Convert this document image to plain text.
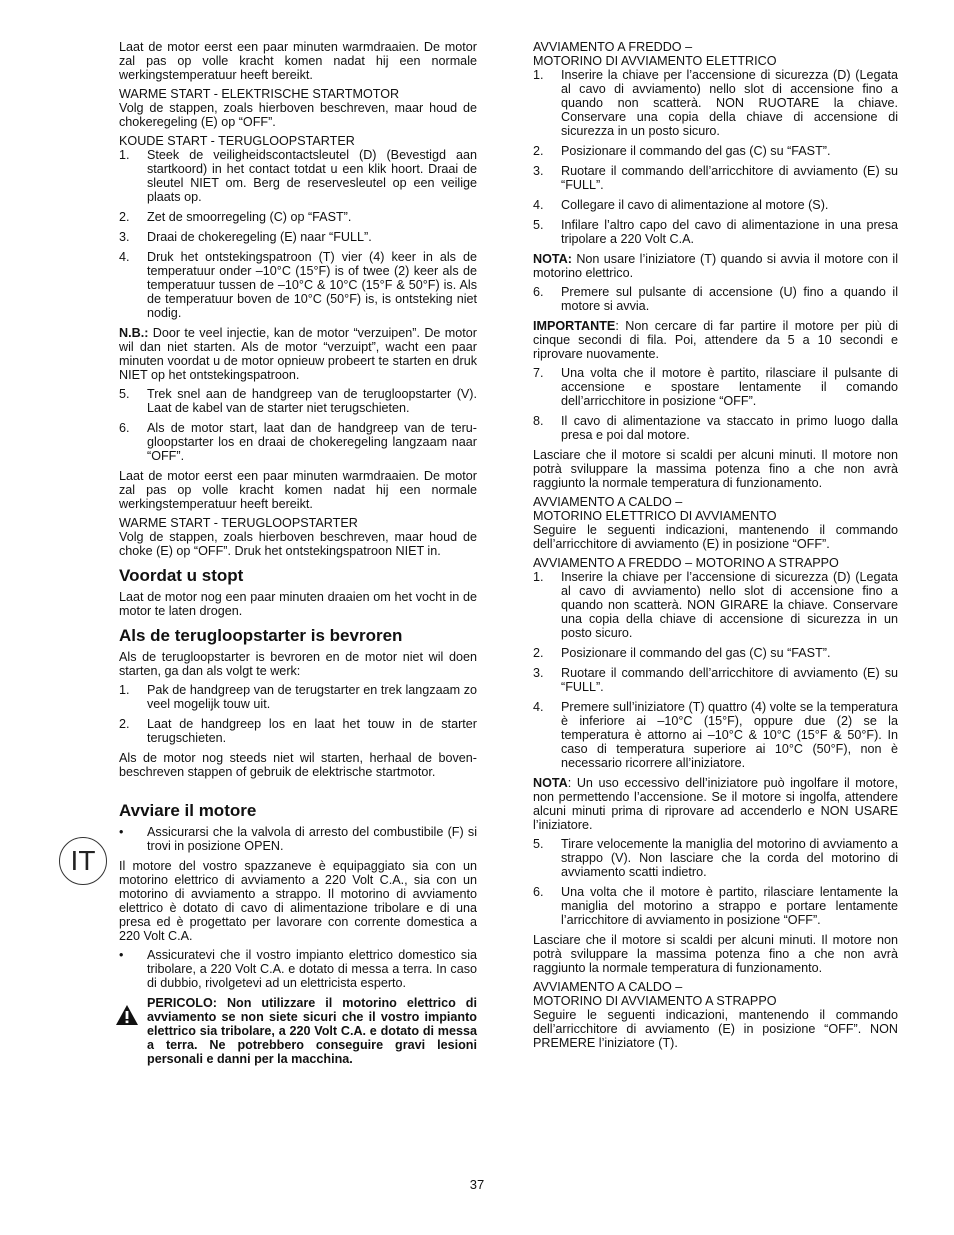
Laat de motor eerst een paar minuten warmdraaien. De motor zal pas op volle kracht komen nadat hij een normale werkingstemperatuur heeft bereikt.

WARME START - ELEKTRISCHE STARTMOTOR

Volg de stappen, zoals hierboven beschreven, maar houd de chokeregeling (E) op “OFF”.

KOUDE START - TERUGLOOPSTARTER

1. Steek de veiligheidscontactsleutel (D) (Bevestigd aan startkoord) in het contact totdat u een klik hoort. Draai de sleutel NIET om. Berg de reservesleutel op een veilige plaats op.
2. Zet de smoorregeling (C) op “FAST”.
3. Draai de chokeregeling (E) naar “FULL”.
4. Druk het ontstekingspatroon (T) vier (4) keer in als de temperatuur onder –10°C (15°F) is of twee (2) keer als de temperatuur tussen de –10°C & 10°C (15°F & 50°F) is. Als de temperatuur boven de 10°C (50°F) is, is ontsteking niet nodig.

N.B.: Door te veel injectie, kan de motor “verzuipen”. De motor wil dan niet starten. Als de motor “verzuipt”, wacht een paar minuten voordat u de motor opnieuw probeert te starten en druk NIET op het ontstekingspatroon.

5. Trek snel aan de handgreep van de terugloopstarter (V). Laat de kabel van de starter niet terugschieten.
6. Als de motor start, laat dan de handgreep van de terugloopstarter los en draai de chokeregeling langzaam naar “OFF”.

Laat de motor eerst een paar minuten warmdraaien. De motor zal pas op volle kracht komen nadat hij een normale werkingstemperatuur heeft bereikt.

WARME START - TERUGLOOPSTARTER

Volg de stappen, zoals hierboven beschreven, maar houd de choke (E) op “OFF”. Druk het ontstekingspatroon NIET in.

Voordat u stopt

Laat de motor nog een paar minuten draaien om het vocht in de motor te laten drogen.

Als de terugloopstarter is bevroren

Als de terugloopstarter is bevroren en de motor niet wil doen starten, ga dan als volgt te werk:

1. Pak de handgreep van de terugstarter en trek langzaam zo veel mogelijk touw uit.
2. Laat de handgreep los en laat het touw in de starter terugschieten.

Als de motor nog steeds niet wil starten, herhaal de bovenbeschreven stappen of gebruik de elektrische startmotor.

Avviare il motore
• Assicurarsi che la valvola di arresto del combustibile (F) si trovi in posizione OPEN.

Il motore del vostro spazzaneve è equipaggiato sia con un motorino elettrico di avviamento a 220 Volt C.A., sia con un motorino di avviamento a strappo. Il motorino di avviamento elettrico è dotato di cavo di alimentazione tribolare e di una presa ed è progettato per lavorare con corrente domestica a 220 Volt C.A.

• Assicuratevi che il vostro impianto elettrico domestico sia tribolare, a 220 Volt C.A. e dotato di messa a terra. In caso di dubbio, rivolgetevi ad un elettricista esperto.
PERICOLO: Non utilizzare il motorino elettrico di avviamento se non siete sicuri che il vostro impianto elettrico sia tribolare, a 220 Volt C.A. e dotato di messa a terra. Ne potrebbero conseguire gravi lesioni personali e danni per la macchina.
IT

AVVIAMENTO A FREDDO –

MOTORINO DI AVVIAMENTO ELETTRICO

1. Inserire la chiave per l’accensione di sicurezza (D) (Legata al cavo di avviamento) nello slot di accensione fino a quando non scatterà. NON RUOTARE la chiave. Conservare una copia della chiave di accensione di sicurezza in un posto sicuro.
2. Posizionare il commando del gas (C) su “FAST”.
3. Ruotare il commando dell’arricchitore di avviamento (E) su “FULL”.
4. Collegare il cavo di alimentazione al motore (S).
5. Infilare l’altro capo del cavo di alimentazione in una presa tripolare a 220 Volt C.A.

NOTA: Non usare l’iniziatore (T) quando si avvia il motore con il motorino elettrico.

6. Premere sul pulsante di accensione (U) fino a quando il motore si avvia.

IMPORTANTE: Non cercare di far partire il motore per più di cinque secondi di fila. Poi, attendere da 5 a 10 secondi e riprovare nuovamente.

7. Una volta che il motore è partito, rilasciare il pulsante di accensione e spostare lentamente il comando dell’arricchitore in posizione “OFF”.
8. Il cavo di alimentazione va staccato in primo luogo dalla presa e poi dal motore.

Lasciare che il motore si scaldi per alcuni minuti. Il motore non potrà sviluppare la massima potenza fino a che non avrà raggiunto la normale temperatura di funzionamento.

AVVIAMENTO A CALDO –

MOTORINO ELETTRICO DI AVVIAMENTO

Seguire le seguenti indicazioni, mantenendo il commando dell’arricchitore di avviamento (E) in posizione “OFF”.

AVVIAMENTO A FREDDO – MOTORINO A STRAPPO

1. Inserire la chiave per l’accensione di sicurezza (D) (Legata al cavo di avviamento) nello slot di accensione fino a quando non scatterà. NON GIRARE la chiave. Conservare una copia della chiave di accensione di sicurezza in un posto sicuro.
2. Posizionare il commando del gas (C) su “FAST”.
3. Ruotare il commando dell’arricchitore di avviamento (E) su “FULL”.
4. Premere sull’iniziatore (T) quattro (4) volte se la temperatura è inferiore ai –10°C (15°F), oppure due (2) se la temperatura è attorno ai –10°C & 10°C (15°F & 50°F). In caso di temperatura superiore ai 10°C (50°F), non è necessario ricorrere all’iniziatore.

NOTA: Un uso eccessivo dell’iniziatore può ingolfare il motore, non permettendo l’accensione. Se il motore si ingolfa, attendere alcuni minuti prima di riprovare ad accenderlo e NON USARE l’iniziatore.

5. Tirare velocemente la maniglia del motorino di avviamento a strappo (V). Non lasciare che la corda del motorino di avviamento scatti indietro.
6. Una volta che il motore è partito, rilasciare lentamente la maniglia del motorino a strappo e portare lentamente l’arricchitore di avviamento in posizione “OFF”.

Lasciare che il motore si scaldi per alcuni minuti. Il motore non potrà sviluppare la massima potenza fino a che non avrà raggiunto la normale temperatura di funzionamento.

AVVIAMENTO A CALDO –

MOTORINO DI AVVIAMENTO A STRAPPO

Seguire le seguenti indicazioni, mantenendo il commando dell’arricchitore di avviamento (E) in posizione “OFF”. NON PREMERE l’iniziatore (T).

37
